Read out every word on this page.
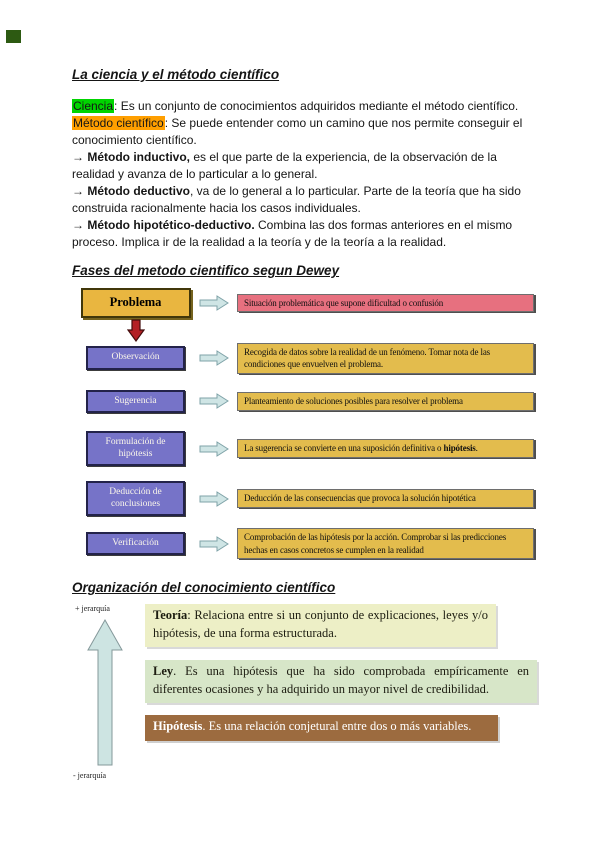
La ciencia y el método científico

Ciencia: Es un conjunto de conocimientos adquiridos mediante el método científico.
Método científico: Se puede entender como un camino que nos permite conseguir el conocimiento científico.

→ Método inductivo, es el que parte de la experiencia, de la observación de la realidad y avanza de lo particular a lo general.

→ Método deductivo, va de lo general a lo particular. Parte de la teoría que ha sido construida racionalmente hacia los casos individuales.

→ Método hipotético-deductivo. Combina las dos formas anteriores en el mismo proceso. Implica ir de la realidad a la teoría y de la teoría a la realidad.

Fases del metodo cientifico segun Dewey
Problema	Situación problemática que supone dificultad o confusión
Observación
Recogida de datos sobre la realidad de un fenómeno. Tomar nota de las condiciones que envuelven el problema.
Sugerencia	Planteamiento de soluciones posibles para resolver el problema
Formulación de hipótesis
La sugerencia se convierte en una suposición definitiva o hipótesis.
Deducción de conclusiones
Deducción de las consecuencias que provoca la solución hipotética
Verificación
Comprobación de las hipótesis por la acción. Comprobar si las predicciones hechas en casos concretos se cumplen en la realidad
Organización del conocimiento científico
+ jerarquía
- jerarquía
Teoría: Relaciona entre si un conjunto de explicaciones, leyes y/o hipótesis, de una forma estructurada.
Ley. Es una hipótesis que ha sido comprobada empíricamente en diferentes ocasiones y ha adquirido un mayor nivel de credibilidad.
Hipótesis. Es una relación conjetural entre dos o más variables.
